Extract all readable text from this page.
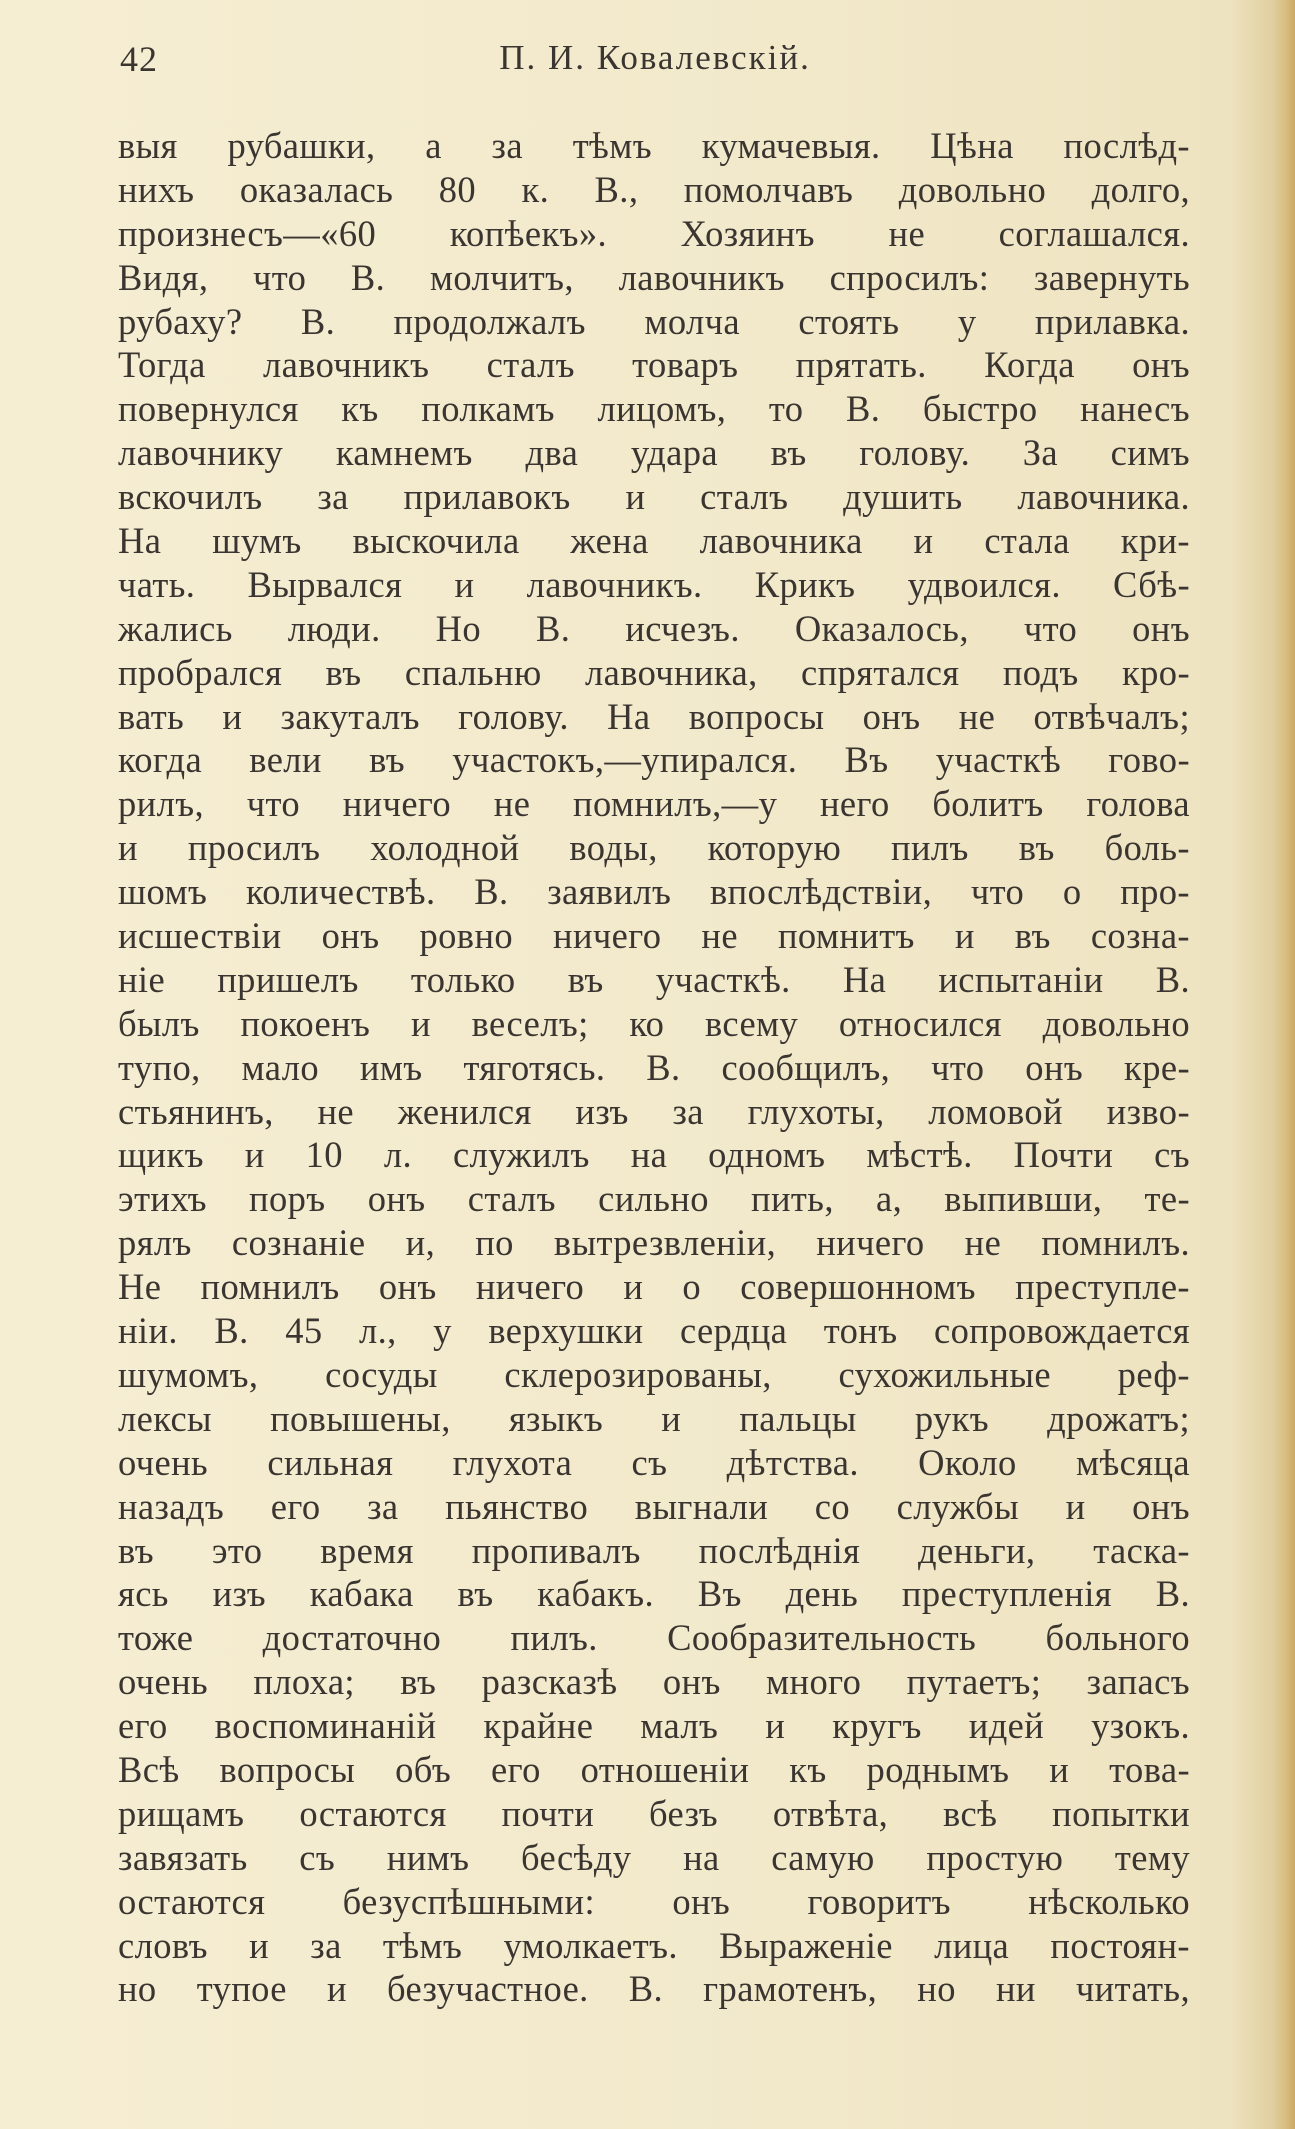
42	П. И. Ковалевскій.
выя рубашки, а за тѣмъ кумачевыя. Цѣна послѣд-
нихъ оказалась 80 к. В., помолчавъ довольно долго,
произнесъ—«60 копѣекъ». Хозяинъ не соглашался.
Видя, что В. молчитъ, лавочникъ спросилъ: завернуть
рубаху? В. продолжалъ молча стоять у прилавка.
Тогда лавочникъ сталъ товаръ прятать. Когда онъ
повернулся къ полкамъ лицомъ, то В. быстро нанесъ
лавочнику камнемъ два удара въ голову. За симъ
вскочилъ за прилавокъ и сталъ душить лавочника.
На шумъ выскочила жена лавочника и стала кри-
чать. Вырвался и лавочникъ. Крикъ удвоился. Сбѣ-
жались люди. Но В. исчезъ. Оказалось, что онъ
пробрался въ спальню лавочника, спрятался подъ кро-
вать и закуталъ голову. На вопросы онъ не отвѣчалъ;
когда вели въ участокъ,—упирался. Въ участкѣ гово-
рилъ, что ничего не помнилъ,—у него болитъ голова
и просилъ холодной воды, которую пилъ въ боль-
шомъ количествѣ. В. заявилъ впослѣдствіи, что о про-
исшествіи онъ ровно ничего не помнитъ и въ созна-
ніе пришелъ только въ участкѣ. На испытаніи В.
былъ покоенъ и веселъ; ко всему относился довольно
тупо, мало имъ тяготясь. В. сообщилъ, что онъ кре-
стьянинъ, не женился изъ за глухоты, ломовой изво-
щикъ и 10 л. служилъ на одномъ мѣстѣ. Почти съ
этихъ поръ онъ сталъ сильно пить, а, выпивши, те-
рялъ сознаніе и, по вытрезвленіи, ничего не помнилъ.
Не помнилъ онъ ничего и о совершонномъ преступле-
ніи. В. 45 л., у верхушки сердца тонъ сопровождается
шумомъ, сосуды склерозированы, сухожильные реф-
лексы повышены, языкъ и пальцы рукъ дрожатъ;
очень сильная глухота съ дѣтства. Около мѣсяца
назадъ его за пьянство выгнали со службы и онъ
въ это время пропивалъ послѣднія деньги, таска-
ясь изъ кабака въ кабакъ. Въ день преступленія В.
тоже достаточно пилъ. Сообразительность больного
очень плоха; въ разсказѣ онъ много путаетъ; запасъ
его воспоминаній крайне малъ и кругъ идей узокъ.
Всѣ вопросы объ его отношеніи къ роднымъ и това-
рищамъ остаются почти безъ отвѣта, всѣ попытки
завязать съ нимъ бесѣду на самую простую тему
остаются безуспѣшными: онъ говоритъ нѣсколько
словъ и за тѣмъ умолкаетъ. Выраженіе лица постоян-
но тупое и безучастное. В. грамотенъ, но ни читать,
